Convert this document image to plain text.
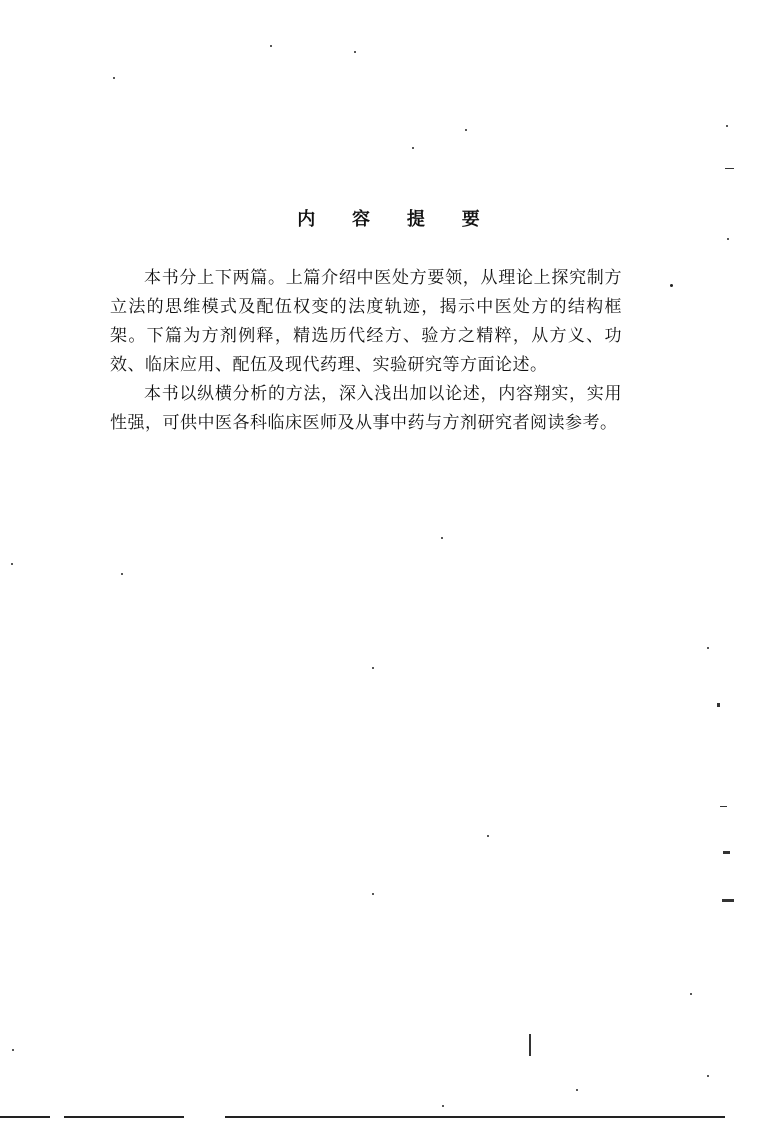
内 容 提 要

本书分上下两篇。上篇介绍中医处方要领，从理论上探究制方立法的思维模式及配伍权变的法度轨迹，揭示中医处方的结构框架。下篇为方剂例释，精选历代经方、验方之精粹，从方义、功效、临床应用、配伍及现代药理、实验研究等方面论述。

本书以纵横分析的方法，深入浅出加以论述，内容翔实，实用性强，可供中医各科临床医师及从事中药与方剂研究者阅读参考。
